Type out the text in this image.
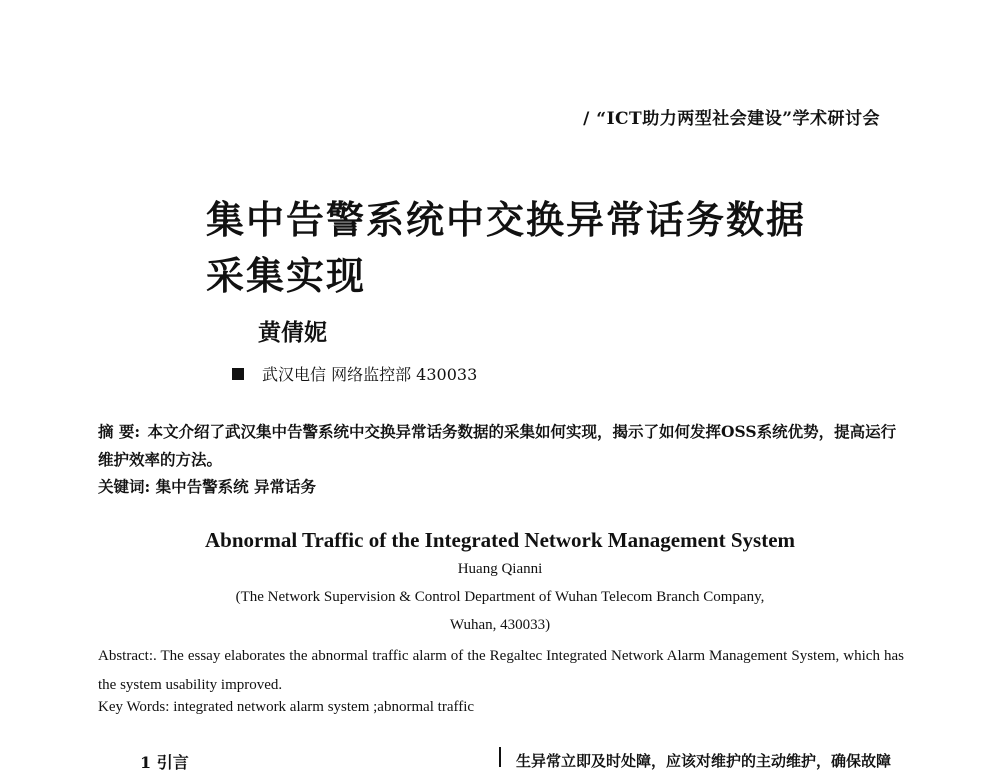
/ “ICT助力两型社会建设”学术研讨会
集中告警系统中交换异常话务数据
采集实现
黄倩妮
武汉电信 网络监控部 430033
摘 要: 本文介绍了武汉集中告警系统中交换异常话务数据的采集如何实现，揭示了如何发挥OSS系统优势，提高运行维护效率的方法。
关键词: 集中告警系统 异常话务
Abnormal Traffic of the Integrated Network Management System
Huang Qianni
(The Network Supervision & Control Department of Wuhan Telecom Branch Company,
Wuhan, 430033)
Abstract:. The essay elaborates the abnormal traffic alarm of the Regaltec Integrated Network Alarm Management System, which has the system usability improved.
Key Words: integrated network alarm system ;abnormal traffic
1 引言	生异常立即及时处障，应该对维护的主动维护，确保故障
